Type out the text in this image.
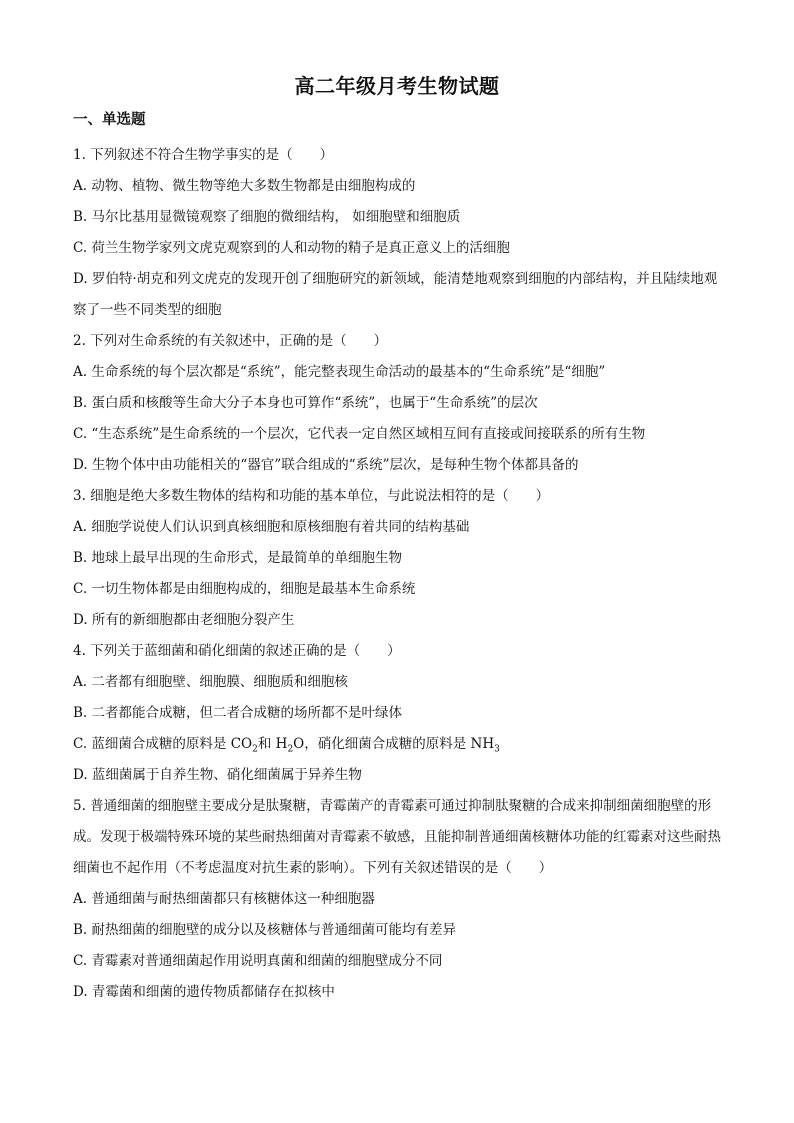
高二年级月考生物试题
一、单选题
1. 下列叙述不符合生物学事实的是（　　）
A. 动物、植物、微生物等绝大多数生物都是由细胞构成的
B. 马尔比基用显微镜观察了细胞的微细结构， 如细胞壁和细胞质
C. 荷兰生物学家列文虎克观察到的人和动物的精子是真正意义上的活细胞
D. 罗伯特·胡克和列文虎克的发现开创了细胞研究的新领域，能清楚地观察到细胞的内部结构，并且陆续地观察了一些不同类型的细胞
2. 下列对生命系统的有关叙述中，正确的是（　　）
A. 生命系统的每个层次都是“系统”，能完整表现生命活动的最基本的“生命系统”是“细胞”
B. 蛋白质和核酸等生命大分子本身也可算作“系统”，也属于“生命系统”的层次
C. “生态系统”是生命系统的一个层次，它代表一定自然区域相互间有直接或间接联系的所有生物
D. 生物个体中由功能相关的“器官”联合组成的“系统”层次，是每种生物个体都具备的
3. 细胞是绝大多数生物体的结构和功能的基本单位，与此说法相符的是（　　）
A. 细胞学说使人们认识到真核细胞和原核细胞有着共同的结构基础
B. 地球上最早出现的生命形式，是最简单的单细胞生物
C. 一切生物体都是由细胞构成的，细胞是最基本生命系统
D. 所有的新细胞都由老细胞分裂产生
4. 下列关于蓝细菌和硝化细菌的叙述正确的是（　　）
A. 二者都有细胞壁、细胞膜、细胞质和细胞核
B. 二者都能合成糖，但二者合成糖的场所都不是叶绿体
C. 蓝细菌合成糖的原料是 $CO_2$和 $H_2O$，硝化细菌合成糖的原料是 $NH_3$
D. 蓝细菌属于自养生物、硝化细菌属于异养生物
5. 普通细菌的细胞壁主要成分是肽聚糖，青霉菌产的青霉素可通过抑制肽聚糖的合成来抑制细菌细胞壁的形成。发现于极端特殊环境的某些耐热细菌对青霉素不敏感，且能抑制普通细菌核糖体功能的红霉素对这些耐热细菌也不起作用（不考虑温度对抗生素的影响）。下列有关叙述错误的是（　　）
A. 普通细菌与耐热细菌都只有核糖体这一种细胞器
B. 耐热细菌的细胞壁的成分以及核糖体与普通细菌可能均有差异
C. 青霉素对普通细菌起作用说明真菌和细菌的细胞壁成分不同
D. 青霉菌和细菌的遗传物质都储存在拟核中
